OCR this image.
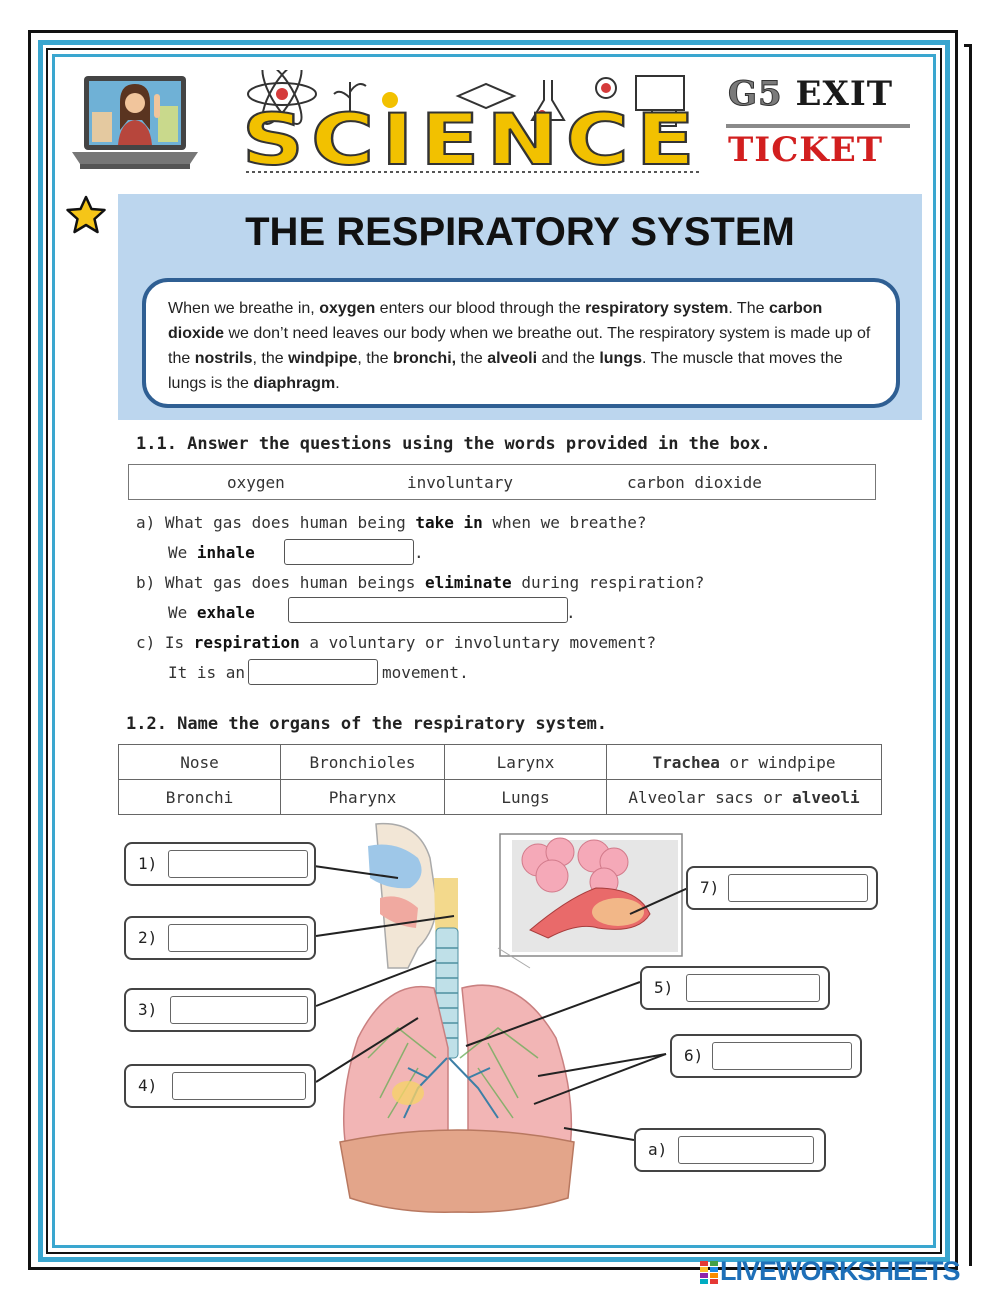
SCIENCE
G5 EXIT
TICKET
THE RESPIRATORY SYSTEM
When we breathe in, oxygen enters our blood through the respiratory system. The carbon dioxide we don’t need leaves our body when we breathe out. The respiratory system is made up of the nostrils, the windpipe, the bronchi, the alveoli and the lungs. The muscle that moves the lungs is the diaphragm.
1.1. Answer the questions using the words provided in the box.
oxygen	involuntary	carbon dioxide
a) What gas does human being take in when we breathe?
We inhale	.
b) What gas does human beings eliminate during respiration?
We exhale	.
c) Is respiration a voluntary or involuntary movement?
It is an	movement.
1.2. Name the organs of the respiratory system.
Nose	Bronchioles	Larynx	Trachea or windpipe
Bronchi	Pharynx	Lungs	Alveolar sacs or alveoli
1)
2)
3)
4)
5)
6)
7)
a)
LIVEWORKSHEETS
